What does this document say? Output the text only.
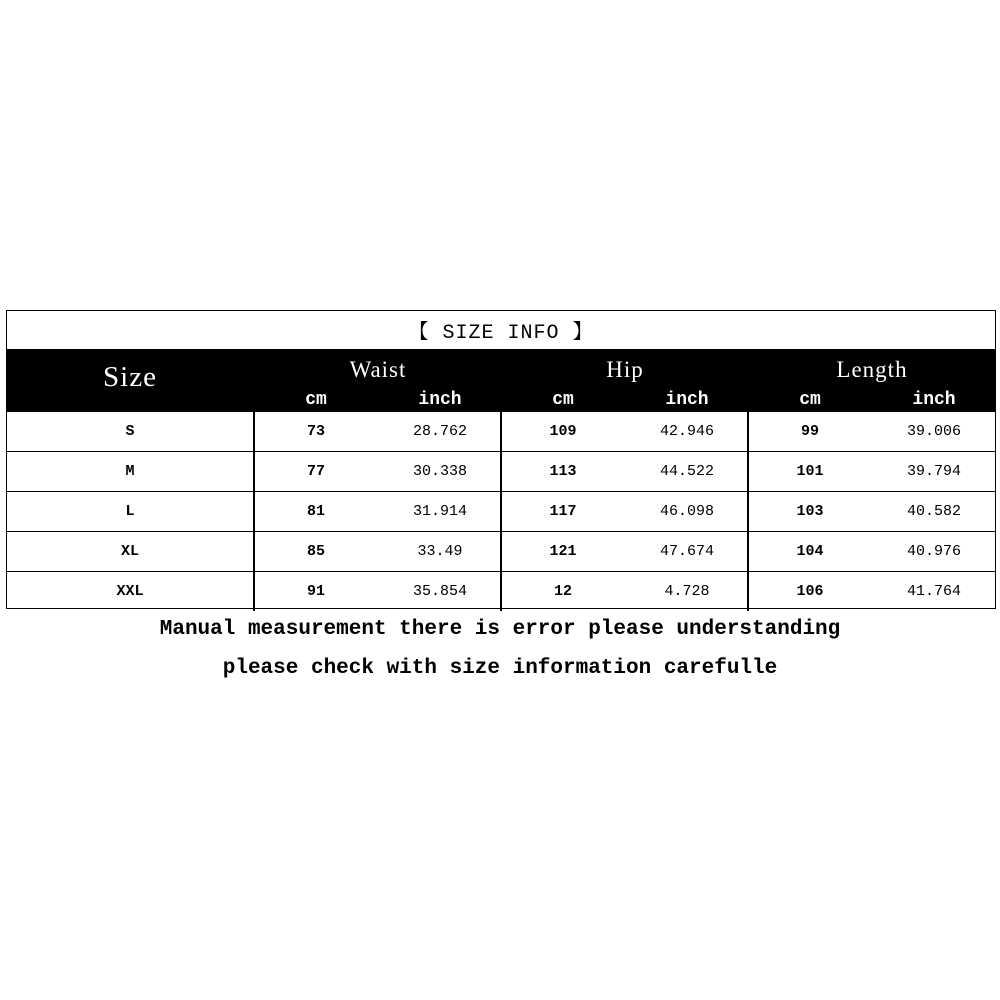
【 SIZE INFO 】
Size	Waist	Hip	Length
cm	inch	cm	inch	cm	inch
S	73	28.762	109	42.946	99	39.006
M	77	30.338	113	44.522	101	39.794
L	81	31.914	117	46.098	103	40.582
XL	85	33.49	121	47.674	104	40.976
XXL	91	35.854	12	4.728	106	41.764
Manual measurement there is error please understanding
please check with size information carefulle
